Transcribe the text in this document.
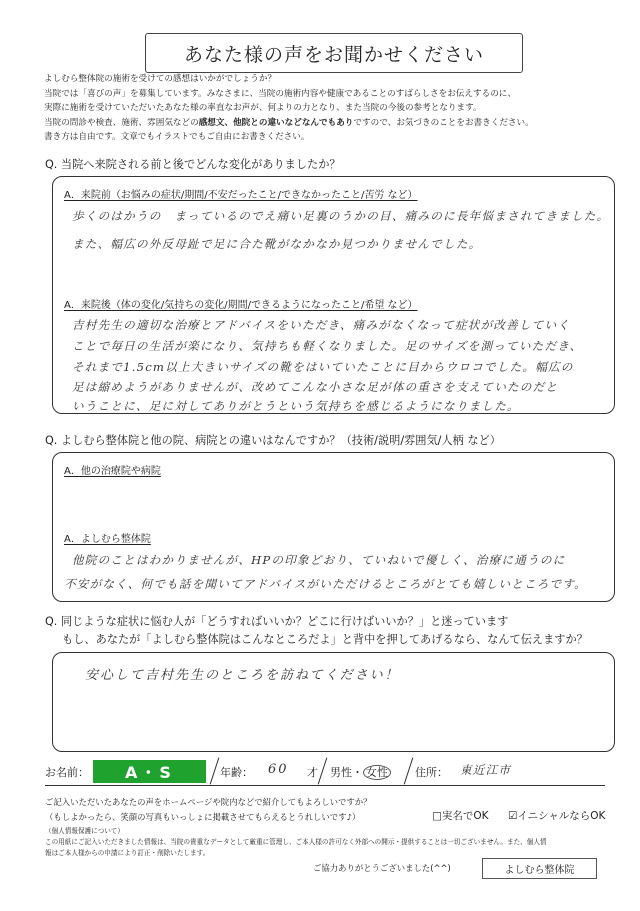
あなた様の声をお聞かせください
よしむら整体院の施術を受けての感想はいかがでしょうか？
当院では「喜びの声」を募集しています。みなさまに、当院の施術内容や健康であることのすばらしさをお伝えするのに、
実際に施術を受けていただいたあなた様の率直なお声が、何よりの力となり、また当院の今後の参考となります。
当院の問診や検査、施術、雰囲気などの感想文、他院との違いなどなんでもありですので、お気づきのことをお書きください。
書き方は自由です。文章でもイラストでもご自由にお書きください。
Q. 当院へ来院される前と後でどんな変化がありましたか？
A．来院前（お悩みの症状/期間/不安だったこと/できなかったこと/苦労 など）
歩くのはかうの　まっているのでえ痛い足裏のうかの目、痛みのに長年悩まされてきました。
また、幅広の外反母趾で足に合た靴がなかなか見つかりませんでした。
A．来院後（体の変化/気持ちの変化/期間/できるようになったこと/希望 など）
吉村先生の適切な治療とアドバイスをいただき、痛みがなくなって症状が改善していく
ことで毎日の生活が楽になり、気持ちも軽くなりました。足のサイズを測っていただき、
それまで1.5cm以上大きいサイズの靴をはいていたことに目からウロコでした。幅広の
足は縮めようがありませんが、改めてこんな小さな足が体の重さを支えていたのだと
いうことに、足に対してありがとうという気持ちを感じるようになりました。
Q. よしむら整体院と他の院、病院との違いはなんですか？（技術/説明/雰囲気/人柄 など）
A．他の治療院や病院
A．よしむら整体院
他院のことはわかりませんが、HPの印象どおり、ていねいで優しく、治療に通うのに
不安がなく、何でも話を聞いてアドバイスがいただけるところがとても嬉しいところです。
Q. 同じような症状に悩む人が「どうすればいいか？どこに行けばいいか？」と迷っています
もし、あなたが「よしむら整体院はこんなところだよ」と背中を押してあげるなら、なんて伝えますか？
安心して吉村先生のところを訪ねてください！
お名前： A・S	年齢： 60 才 男性・ 女性 住所： 東近江市
ご記入いただいたあなたの声をホームページや院内などで紹介してもよろしいですか？
（もしよかったら、笑顔の写真もいっしょに掲載させてもらえるとうれしいです♪）	□実名でOK ☑イニシャルならOK
（個人情報保護について）
この用紙にご記入いただきました情報は、当院の貴重なデータとして厳重に管理し、ご本人様の許可なく外部への開示・提供することは一切ございません。また、個人情
報はご本人様からの申請により訂正・削除いたします。
ご協力ありがとうございました(^^)	よしむら整体院
